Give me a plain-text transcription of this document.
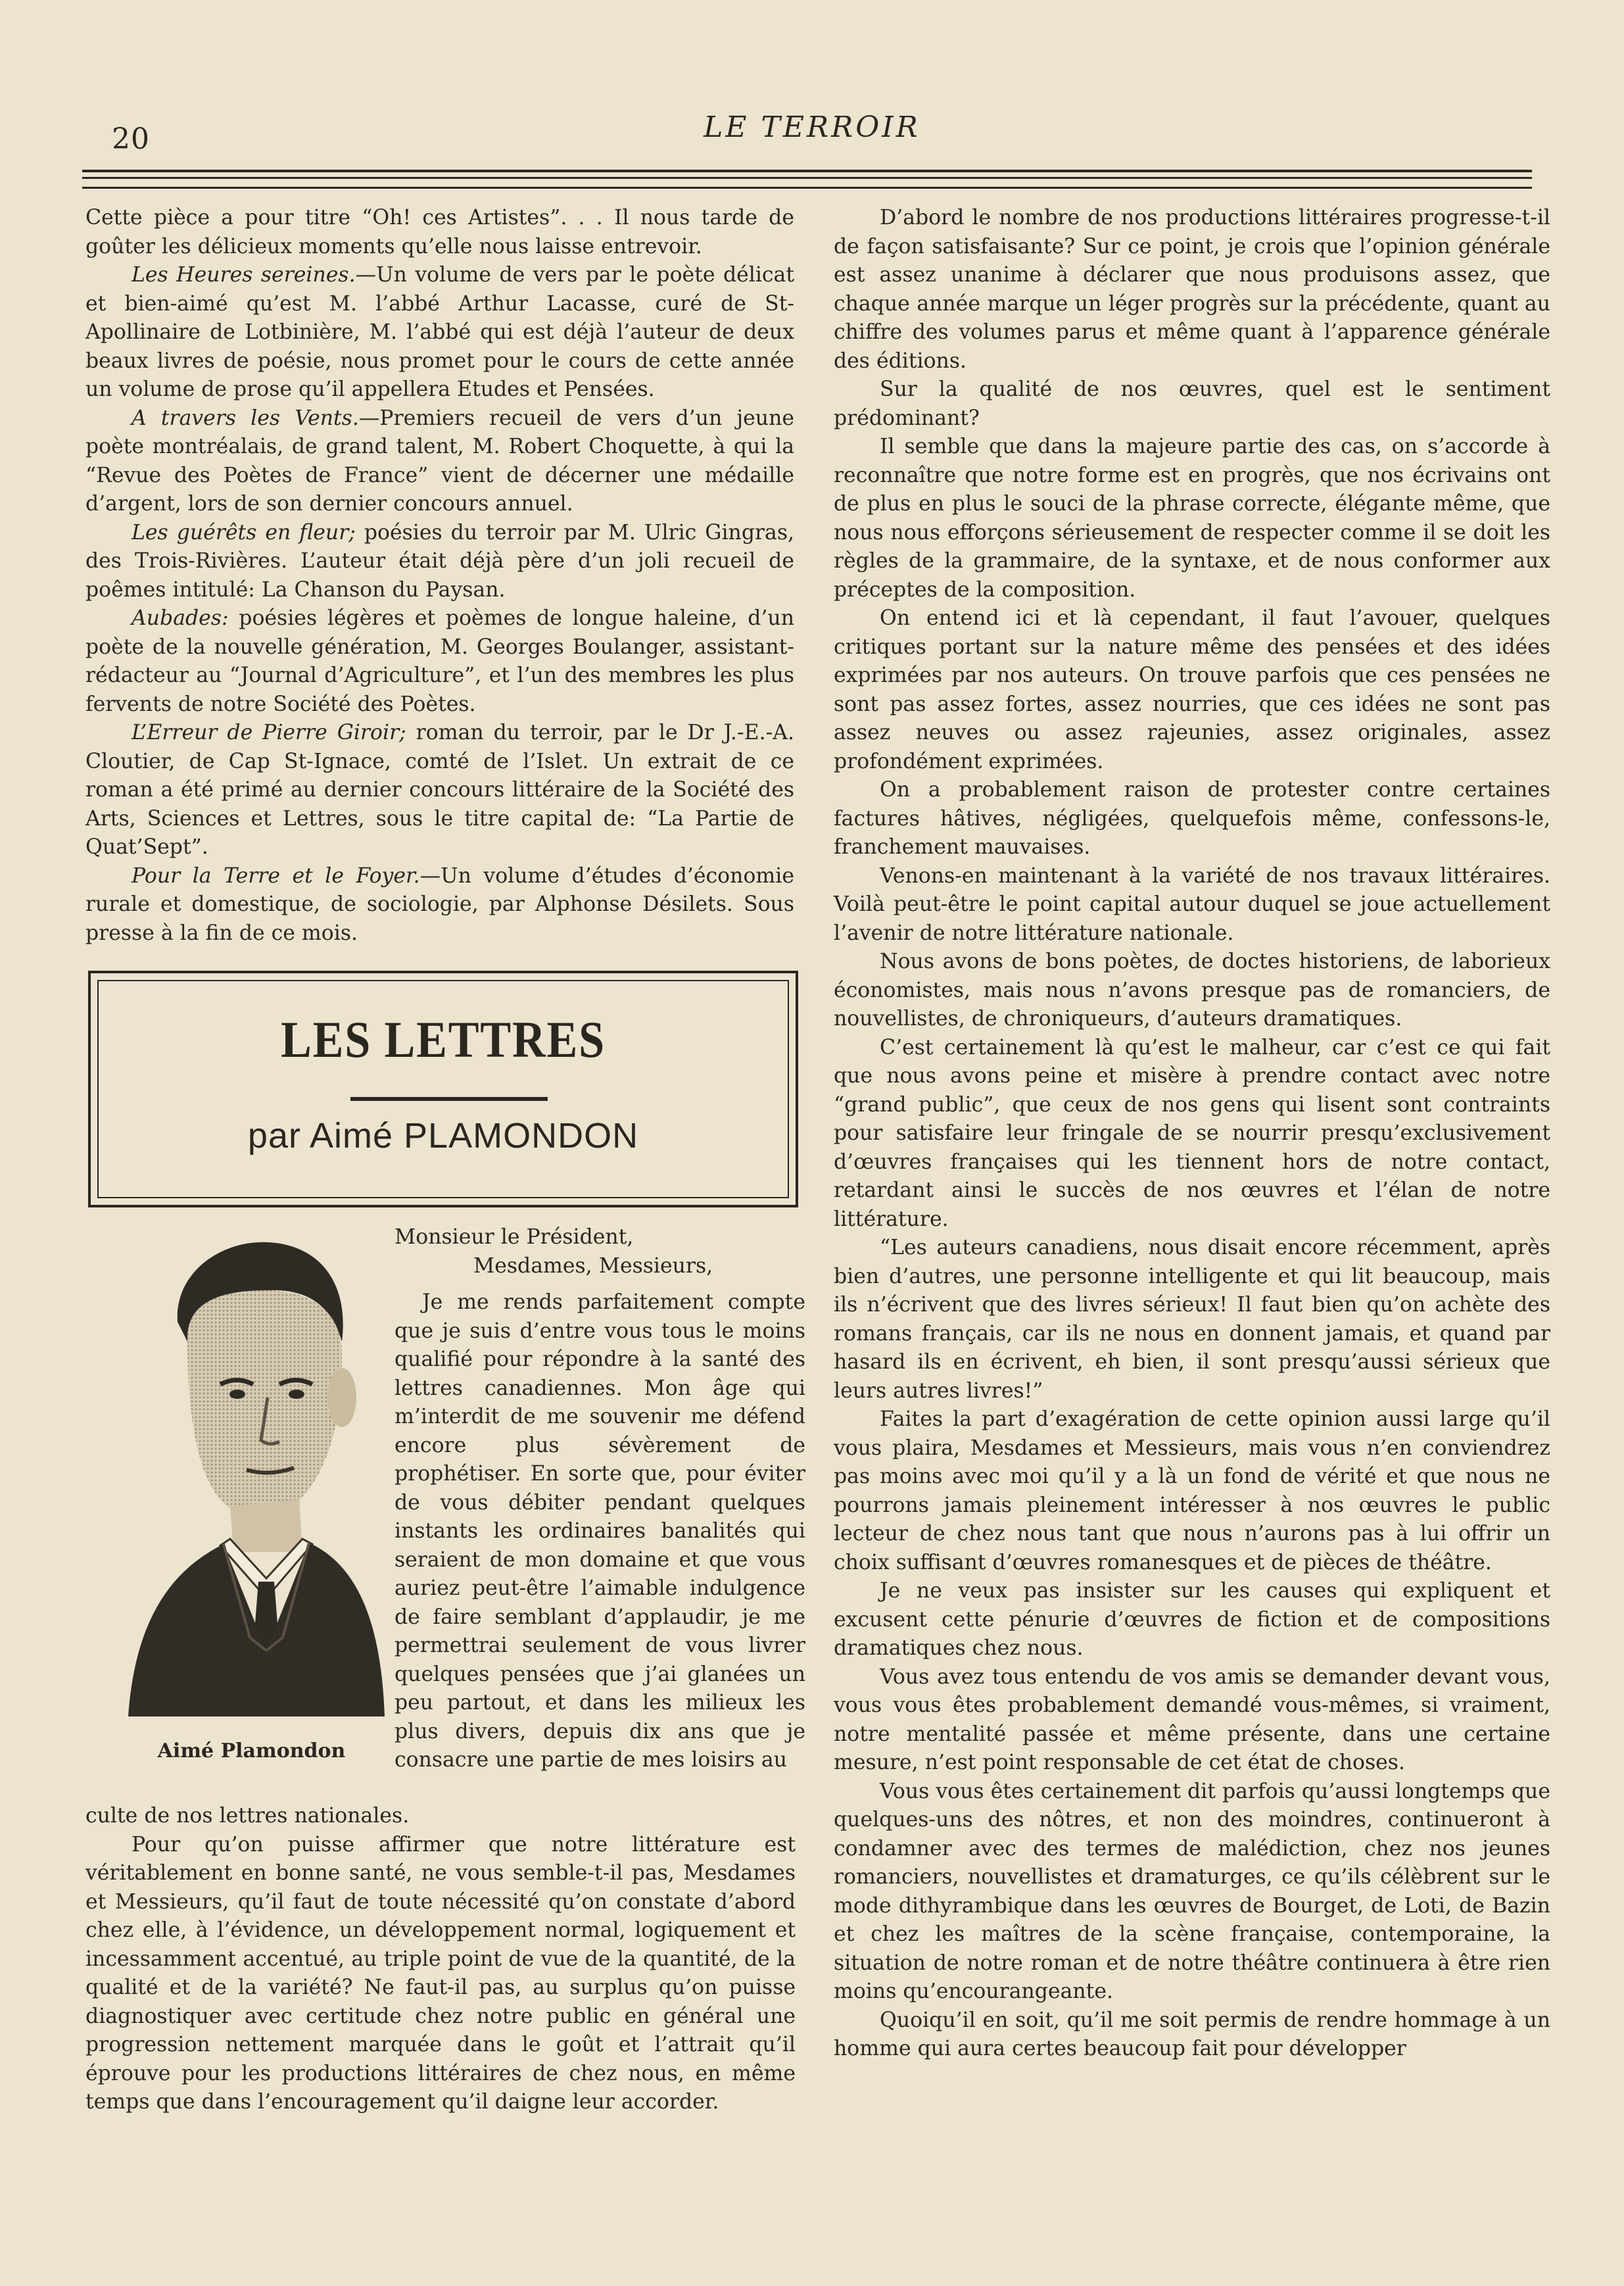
20	LE TERROIR

Cette pièce a pour titre “Oh! ces Artistes”. . . Il nous tarde de goûter les délicieux moments qu’elle nous laisse entrevoir.

Les Heures sereines.—Un volume de vers par le poète délicat et bien-aimé qu’est M. l’abbé Arthur Lacasse, curé de St-Apollinaire de Lotbinière, M. l’abbé qui est déjà l’auteur de deux beaux livres de poésie, nous promet pour le cours de cette année un volume de prose qu’il appellera Etudes et Pensées.

A travers les Vents.—Premiers recueil de vers d’un jeune poète montréalais, de grand talent, M. Robert Choquette, à qui la “Revue des Poètes de France” vient de décerner une médaille d’argent, lors de son dernier concours annuel.

Les guérêts en fleur; poésies du terroir par M. Ulric Gingras, des Trois-Rivières. L’auteur était déjà père d’un joli recueil de poêmes intitulé: La Chanson du Paysan.

Aubades: poésies légères et poèmes de longue haleine, d’un poète de la nouvelle génération, M. Georges Boulanger, assistant-rédacteur au “Journal d’Agriculture”, et l’un des membres les plus fervents de notre Société des Poètes.

L’Erreur de Pierre Giroir; roman du terroir, par le Dr J.-E.-A. Cloutier, de Cap St-Ignace, comté de l’Islet. Un extrait de ce roman a été primé au dernier concours littéraire de la Société des Arts, Sciences et Lettres, sous le titre capital de: “La Partie de Quat’Sept”.

Pour la Terre et le Foyer.—Un volume d’études d’économie rurale et domestique, de sociologie, par Alphonse Désilets. Sous presse à la fin de ce mois.

LES LETTRES
par Aimé PLAMONDON
Aimé Plamondon

Monsieur le Président,

Mesdames, Messieurs,

Je me rends parfaitement compte que je suis d’entre vous tous le moins qualifié pour répondre à la santé des lettres canadiennes. Mon âge qui m’interdit de me souvenir me défend encore plus sévèrement de prophétiser. En sorte que, pour éviter de vous débiter pendant quelques instants les ordinaires banalités qui seraient de mon domaine et que vous auriez peut-être l’aimable indulgence de faire semblant d’applaudir, je me permettrai seulement de vous livrer quelques pensées que j’ai glanées un peu partout, et dans les milieux les plus divers, depuis dix ans que je consacre une partie de mes loisirs au

culte de nos lettres nationales.

Pour qu’on puisse affirmer que notre littérature est véritablement en bonne santé, ne vous semble-t-il pas, Mesdames et Messieurs, qu’il faut de toute nécessité qu’on constate d’abord chez elle, à l’évidence, un développement normal, logiquement et incessamment accentué, au triple point de vue de la quantité, de la qualité et de la variété? Ne faut-il pas, au surplus qu’on puisse diagnostiquer avec certitude chez notre public en général une progression nettement marquée dans le goût et l’attrait qu’il éprouve pour les productions littéraires de chez nous, en même temps que dans l’encouragement qu’il daigne leur accorder.

D’abord le nombre de nos productions littéraires progresse-t-il de façon satisfaisante? Sur ce point, je crois que l’opinion générale est assez unanime à déclarer que nous produisons assez, que chaque année marque un léger progrès sur la précédente, quant au chiffre des volumes parus et même quant à l’apparence générale des éditions.

Sur la qualité de nos œuvres, quel est le sentiment prédominant?

Il semble que dans la majeure partie des cas, on s’accorde à reconnaître que notre forme est en progrès, que nos écrivains ont de plus en plus le souci de la phrase correcte, élégante même, que nous nous efforçons sérieusement de respecter comme il se doit les règles de la grammaire, de la syntaxe, et de nous conformer aux préceptes de la composition.

On entend ici et là cependant, il faut l’avouer, quelques critiques portant sur la nature même des pensées et des idées exprimées par nos auteurs. On trouve parfois que ces pensées ne sont pas assez fortes, assez nourries, que ces idées ne sont pas assez neuves ou assez rajeunies, assez originales, assez profondément exprimées.

On a probablement raison de protester contre certaines factures hâtives, négligées, quelquefois même, confessons-le, franchement mauvaises.

Venons-en maintenant à la variété de nos travaux littéraires. Voilà peut-être le point capital autour duquel se joue actuellement l’avenir de notre littérature nationale.

Nous avons de bons poètes, de doctes historiens, de laborieux économistes, mais nous n’avons presque pas de romanciers, de nouvellistes, de chroniqueurs, d’auteurs dramatiques.

C’est certainement là qu’est le malheur, car c’est ce qui fait que nous avons peine et misère à prendre contact avec notre “grand public”, que ceux de nos gens qui lisent sont contraints pour satisfaire leur fringale de se nourrir presqu’exclusivement d’œuvres françaises qui les tiennent hors de notre contact, retardant ainsi le succès de nos œuvres et l’élan de notre littérature.

“Les auteurs canadiens, nous disait encore récemment, après bien d’autres, une personne intelligente et qui lit beaucoup, mais ils n’écrivent que des livres sérieux! Il faut bien qu’on achète des romans français, car ils ne nous en donnent jamais, et quand par hasard ils en écrivent, eh bien, il sont presqu’aussi sérieux que leurs autres livres!”

Faites la part d’exagération de cette opinion aussi large qu’il vous plaira, Mesdames et Messieurs, mais vous n’en conviendrez pas moins avec moi qu’il y a là un fond de vérité et que nous ne pourrons jamais pleinement intéresser à nos œuvres le public lecteur de chez nous tant que nous n’aurons pas à lui offrir un choix suffisant d’œuvres romanesques et de pièces de théâtre.

Je ne veux pas insister sur les causes qui expliquent et excusent cette pénurie d’œuvres de fiction et de compositions dramatiques chez nous.

Vous avez tous entendu de vos amis se demander devant vous, vous vous êtes probablement demandé vous-mêmes, si vraiment, notre mentalité passée et même présente, dans une certaine mesure, n’est point responsable de cet état de choses.

Vous vous êtes certainement dit parfois qu’aussi longtemps que quelques-uns des nôtres, et non des moindres, continueront à condamner avec des termes de malédiction, chez nos jeunes romanciers, nouvellistes et dramaturges, ce qu’ils célèbrent sur le mode dithyrambique dans les œuvres de Bourget, de Loti, de Bazin et chez les maîtres de la scène française, contemporaine, la situation de notre roman et de notre théâtre continuera à être rien moins qu’encourangeante.

Quoiqu’il en soit, qu’il me soit permis de rendre hommage à un homme qui aura certes beaucoup fait pour développer
